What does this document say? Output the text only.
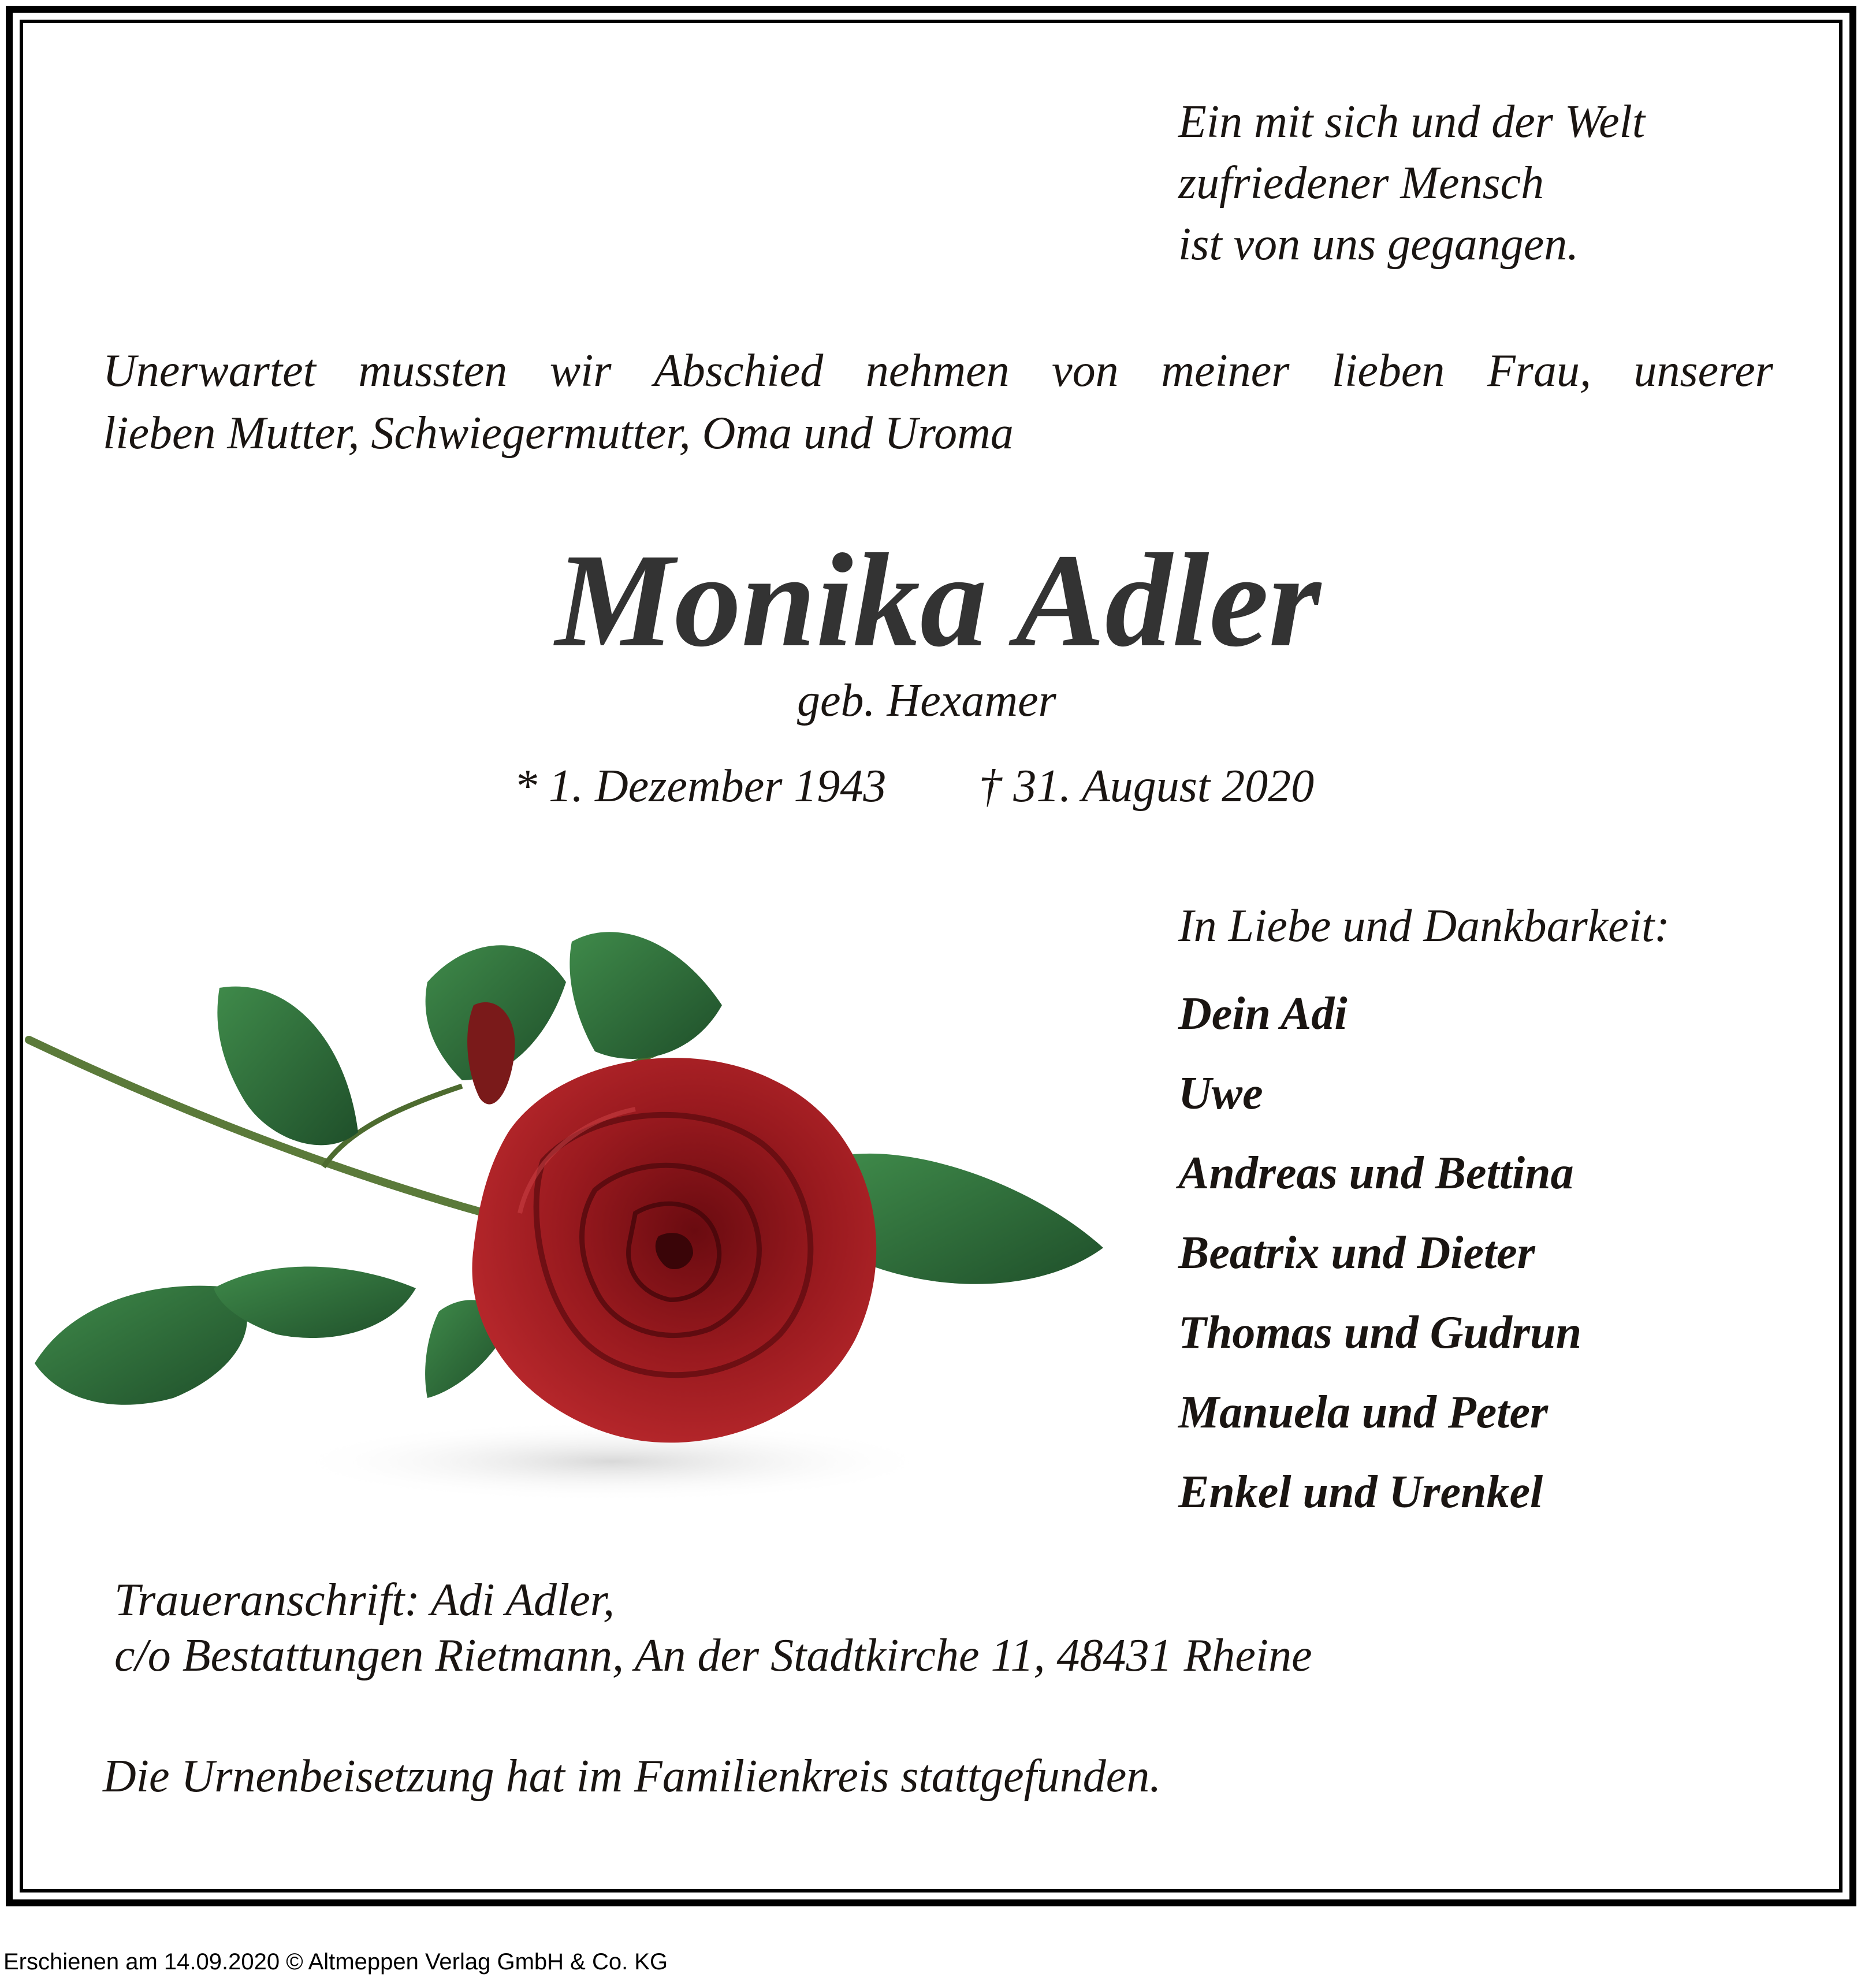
Ein mit sich und der Welt
zufriedener Mensch
ist von uns gegangen.
Unerwartet mussten wir Abschied nehmen von meiner lieben Frau, unserer
lieben Mutter, Schwiegermutter, Oma und Uroma
Monika Adler
geb. Hexamer
* 1. Dezember 1943 † 31. August 2020
In Liebe und Dankbarkeit:
Dein Adi
Uwe
Andreas und Bettina
Beatrix und Dieter
Thomas und Gudrun
Manuela und Peter
Enkel und Urenkel
Traueranschrift: Adi Adler,
c/o Bestattungen Rietmann, An der Stadtkirche 11, 48431 Rheine
Die Urnenbeisetzung hat im Familienkreis stattgefunden.
Erschienen am 14.09.2020 © Altmeppen Verlag GmbH & Co. KG
